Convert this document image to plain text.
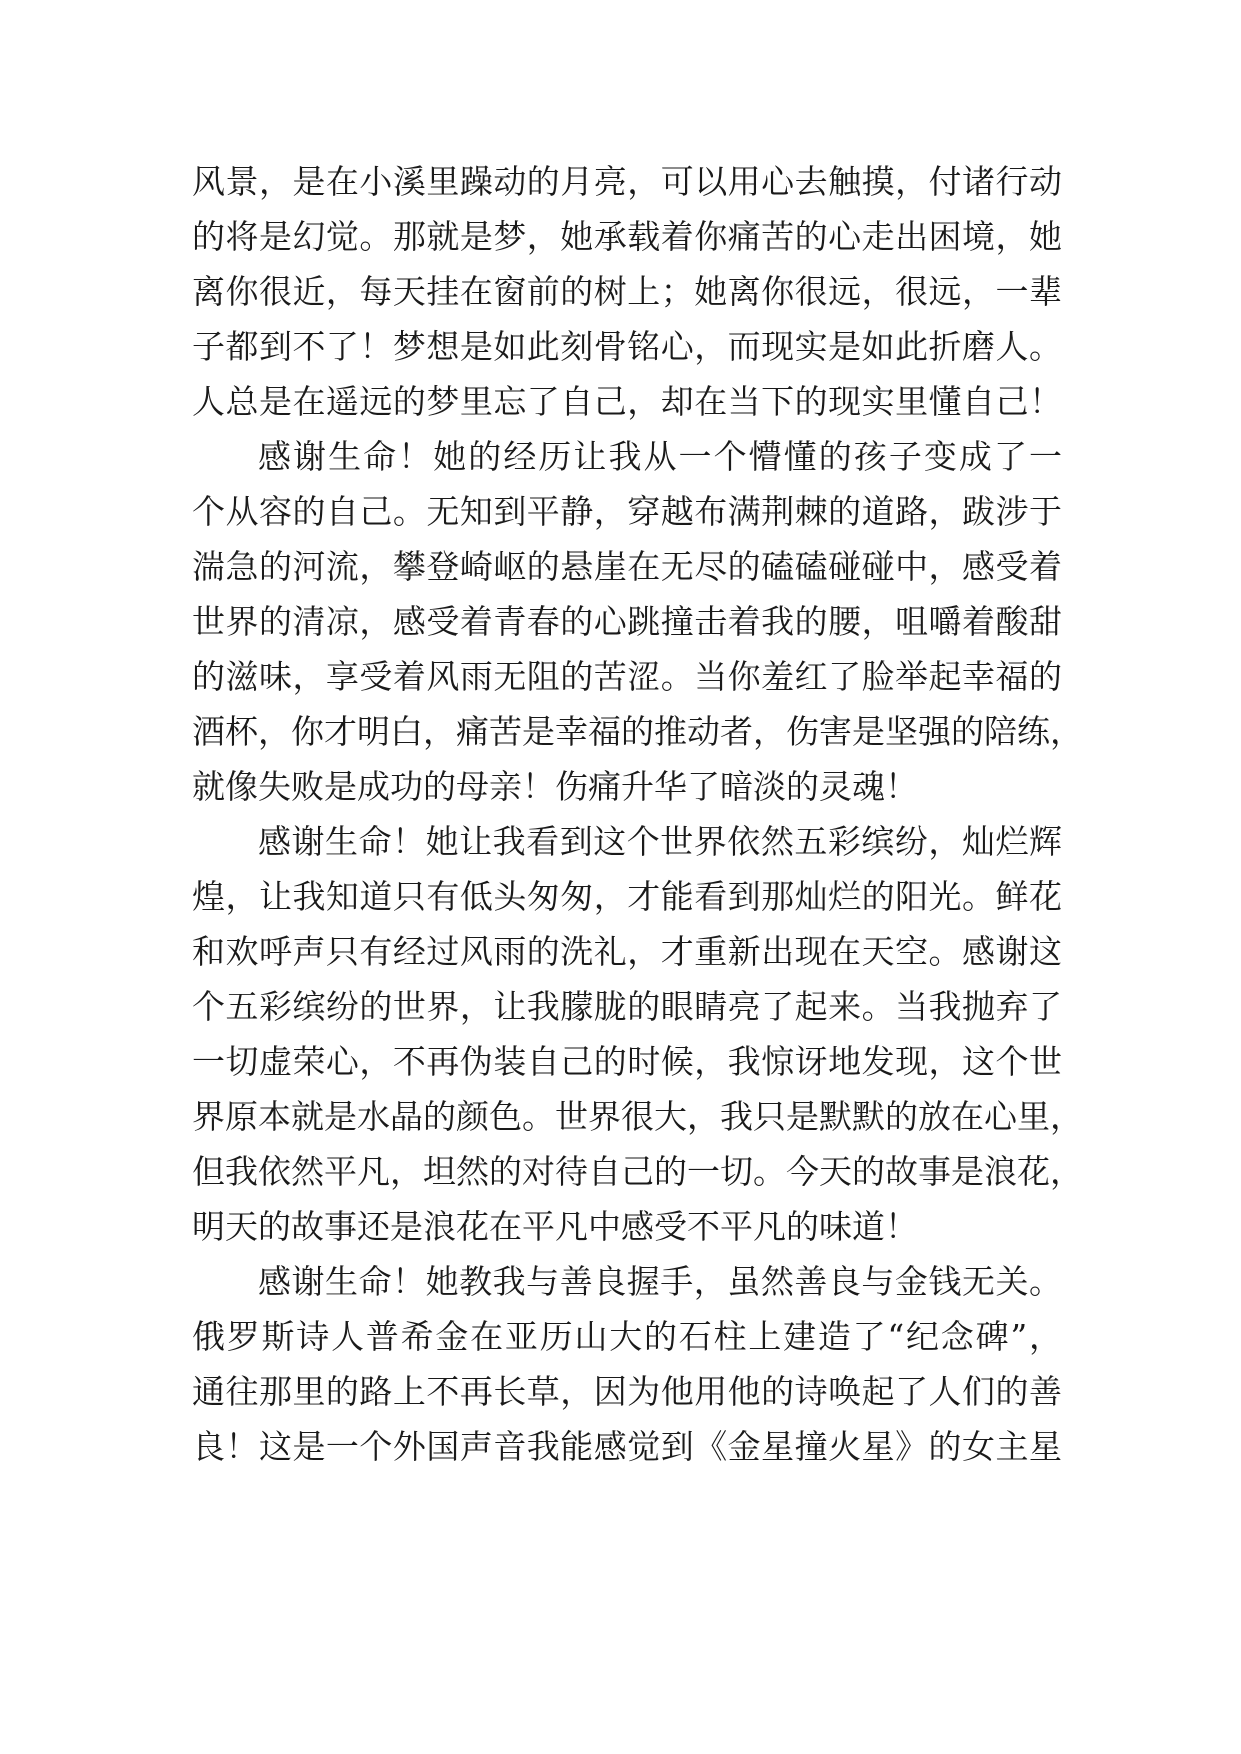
风景，是在小溪里躁动的月亮，可以用心去触摸，付诸行动
的将是幻觉。那就是梦，她承载着你痛苦的心走出困境，她
离你很近，每天挂在窗前的树上；她离你很远，很远，一辈
子都到不了！梦想是如此刻骨铭心，而现实是如此折磨人。
人总是在遥远的梦里忘了自己，却在当下的现实里懂自己！
感谢生命！她的经历让我从一个懵懂的孩子变成了一
个从容的自己。无知到平静，穿越布满荆棘的道路，跋涉于
湍急的河流，攀登崎岖的悬崖在无尽的磕磕碰碰中，感受着
世界的清凉，感受着青春的心跳撞击着我的腰，咀嚼着酸甜
的滋味，享受着风雨无阻的苦涩。当你羞红了脸举起幸福的
酒杯，你才明白，痛苦是幸福的推动者，伤害是坚强的陪练，
就像失败是成功的母亲！伤痛升华了暗淡的灵魂！
感谢生命！她让我看到这个世界依然五彩缤纷，灿烂辉
煌，让我知道只有低头匆匆，才能看到那灿烂的阳光。鲜花
和欢呼声只有经过风雨的洗礼，才重新出现在天空。感谢这
个五彩缤纷的世界，让我朦胧的眼睛亮了起来。当我抛弃了
一切虚荣心，不再伪装自己的时候，我惊讶地发现，这个世
界原本就是水晶的颜色。世界很大，我只是默默的放在心里，
但我依然平凡，坦然的对待自己的一切。今天的故事是浪花，
明天的故事还是浪花在平凡中感受不平凡的味道！
感谢生命！她教我与善良握手，虽然善良与金钱无关。
俄罗斯诗人普希金在亚历山大的石柱上建造了“纪念碑”，
通往那里的路上不再长草，因为他用他的诗唤起了人们的善
良！这是一个外国声音我能感觉到《金星撞火星》的女主星
